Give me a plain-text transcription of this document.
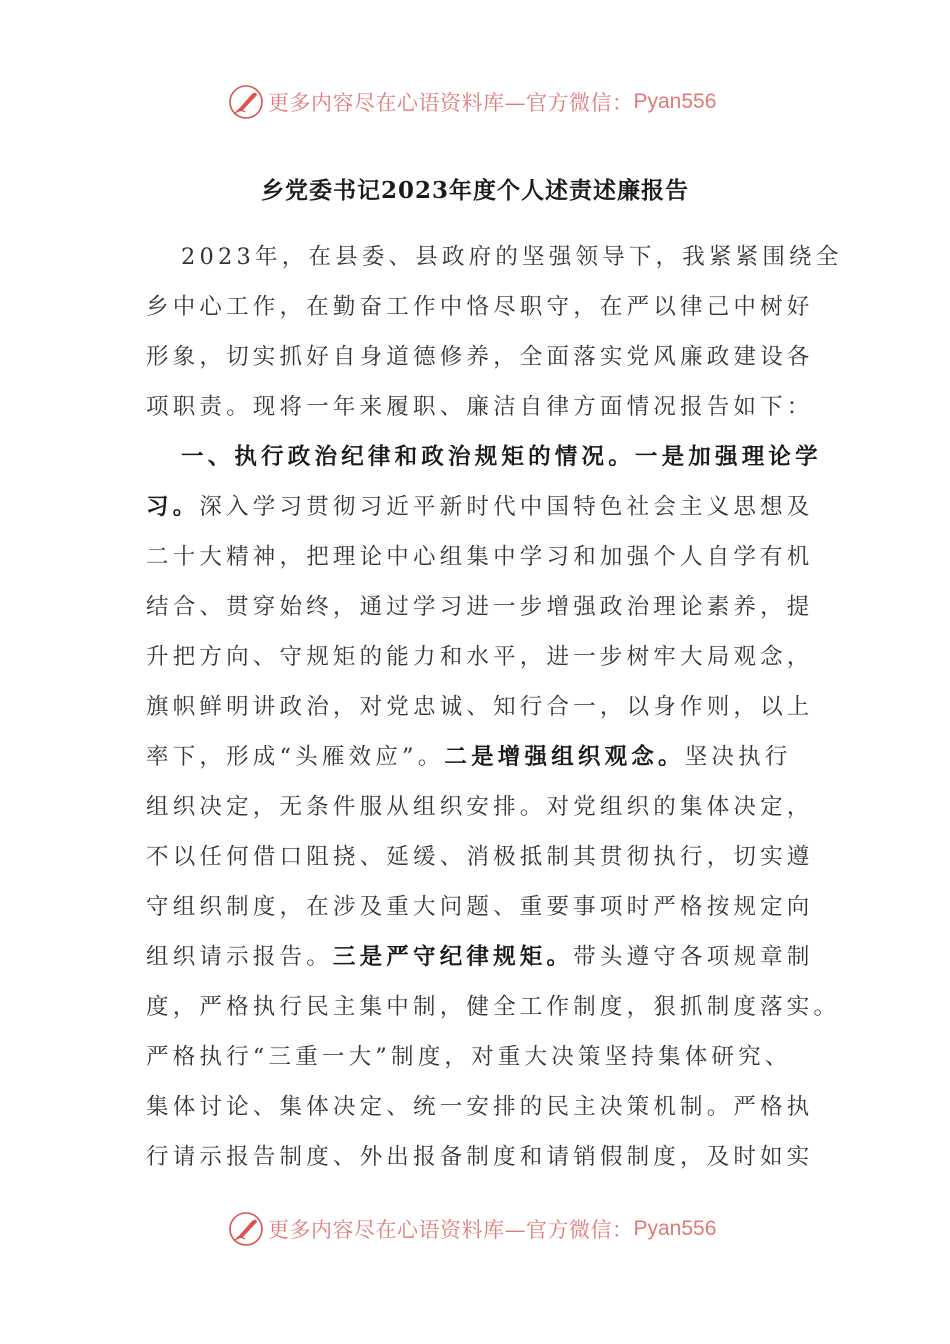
更多内容尽在心语资料库—官方微信： Pyan556
乡党委书记2023年度个人述责述廉报告
2023年，在县委、县政府的坚强领导下，我紧紧围绕全
乡中心工作，在勤奋工作中恪尽职守，在严以律己中树好
形象，切实抓好自身道德修养，全面落实党风廉政建设各
项职责。现将一年来履职、廉洁自律方面情况报告如下：
一、执行政治纪律和政治规矩的情况。一是加强理论学
习。深入学习贯彻习近平新时代中国特色社会主义思想及
二十大精神，把理论中心组集中学习和加强个人自学有机
结合、贯穿始终，通过学习进一步增强政治理论素养，提
升把方向、守规矩的能力和水平，进一步树牢大局观念，
旗帜鲜明讲政治，对党忠诚、知行合一，以身作则，以上
率下，形成“头雁效应”。二是增强组织观念。坚决执行
组织决定，无条件服从组织安排。对党组织的集体决定，
不以任何借口阻挠、延缓、消极抵制其贯彻执行，切实遵
守组织制度，在涉及重大问题、重要事项时严格按规定向
组织请示报告。三是严守纪律规矩。带头遵守各项规章制
度，严格执行民主集中制，健全工作制度，狠抓制度落实。
严格执行“三重一大”制度，对重大决策坚持集体研究、
集体讨论、集体决定、统一安排的民主决策机制。严格执
行请示报告制度、外出报备制度和请销假制度，及时如实
更多内容尽在心语资料库—官方微信： Pyan556
